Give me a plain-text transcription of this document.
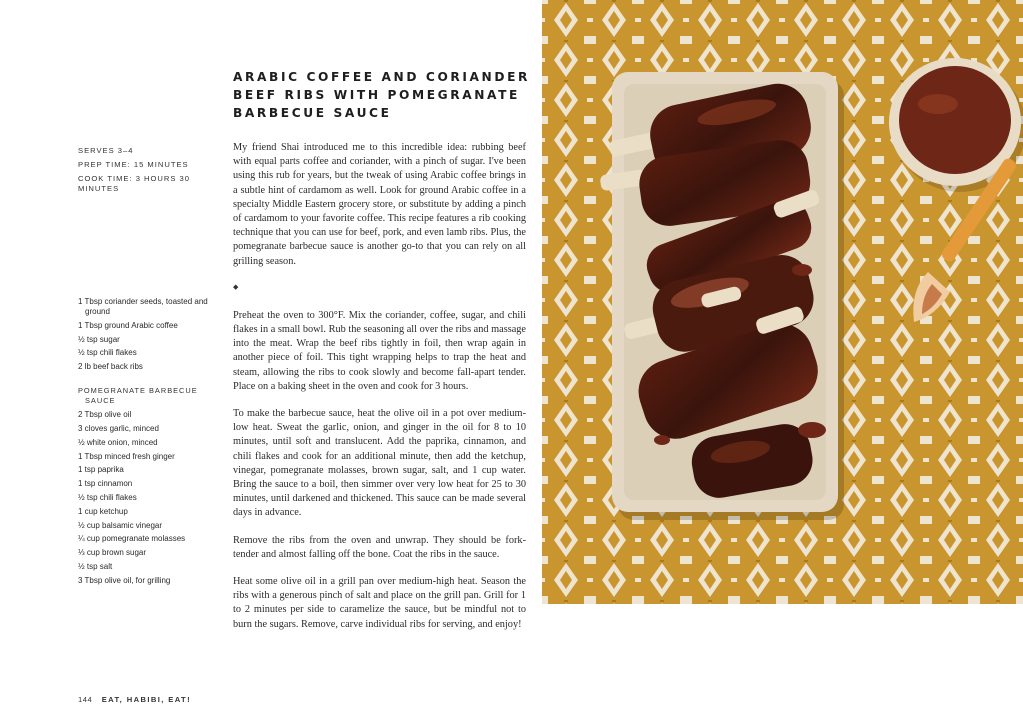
ARABIC COFFEE AND CORIANDER BEEF RIBS WITH POMEGRANATE BARBECUE SAUCE
SERVES 3–4
PREP TIME: 15 MINUTES
COOK TIME: 3 HOURS 30 MINUTES
1 Tbsp coriander seeds, toasted and ground
1 Tbsp ground Arabic coffee
½ tsp sugar
½ tsp chili flakes
2 lb beef back ribs
POMEGRANATE BARBECUE SAUCE
2 Tbsp olive oil
3 cloves garlic, minced
½ white onion, minced
1 Tbsp minced fresh ginger
1 tsp paprika
1 tsp cinnamon
½ tsp chili flakes
1 cup ketchup
½ cup balsamic vinegar
¼ cup pomegranate molasses
⅓ cup brown sugar
½ tsp salt
3 Tbsp olive oil, for grilling

My friend Shai introduced me to this incredible idea: rubbing beef with equal parts coffee and coriander, with a pinch of sugar. I've been using this rub for years, but the tweak of using Arabic coffee brings in a subtle hint of cardamom as well. Look for ground Arabic coffee in a specialty Middle Eastern grocery store, or substitute by adding a pinch of cardamom to your favorite coffee. This recipe features a rib cooking technique that you can use for beef, pork, and even lamb ribs. Plus, the pomegranate barbecue sauce is another go-to that you can rely on all grilling season.

◆

Preheat the oven to 300°F. Mix the coriander, coffee, sugar, and chili flakes in a small bowl. Rub the seasoning all over the ribs and massage into the meat. Wrap the beef ribs tightly in foil, then wrap again in another piece of foil. This tight wrapping helps to trap the heat and steam, allowing the ribs to cook slowly and become fall-apart tender. Place on a baking sheet in the oven and cook for 3 hours.

To make the barbecue sauce, heat the olive oil in a pot over medium-low heat. Sweat the garlic, onion, and ginger in the oil for 8 to 10 minutes, until soft and translucent. Add the paprika, cinnamon, and chili flakes and cook for an additional minute, then add the ketchup, vinegar, pomegranate molasses, brown sugar, salt, and 1 cup water. Bring the sauce to a boil, then simmer over very low heat for 25 to 30 minutes, until darkened and thickened. This sauce can be made several days in advance.

Remove the ribs from the oven and unwrap. They should be fork-tender and almost falling off the bone. Coat the ribs in the sauce.

Heat some olive oil in a grill pan over medium-high heat. Season the ribs with a generous pinch of salt and place on the grill pan. Grill for 1 to 2 minutes per side to caramelize the sauce, but be mindful not to burn the sugars. Remove, carve individual ribs for serving, and enjoy!

144 EAT, HABIBI, EAT!
